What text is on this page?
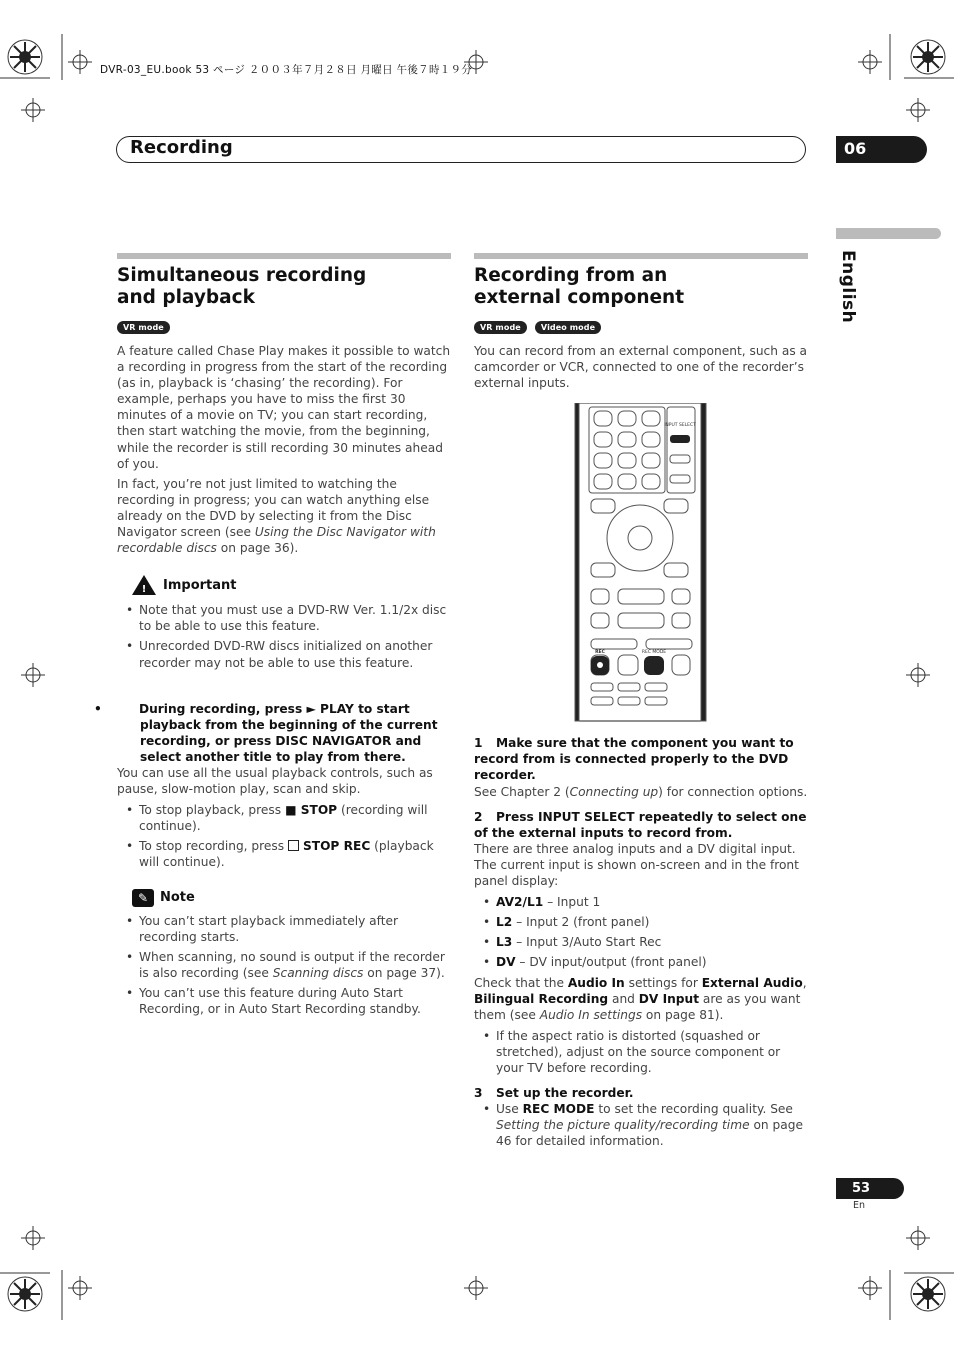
DVR-03_EU.book 53 ページ ２００３年７月２８日 月曜日 午後７時１９分
Recording	06
English
Simultaneous recording and playback
VR mode

A feature called Chase Play makes it possible to watch a recording in progress from the start of the recording (as in, playback is ‘chasing’ the recording). For example, perhaps you have to miss the first 30 minutes of a movie on TV; you can start recording, then start watching the movie, from the beginning, while the recorder is still recording 30 minutes ahead of you.

In fact, you’re not just limited to watching the recording in progress; you can watch anything else already on the DVD by selecting it from the Disc Navigator screen (see Using the Disc Navigator with recordable discs on page 36).

! Important
• Note that you must use a DVD-RW Ver. 1.1/2x disc to be able to use this feature.
• Unrecorded DVD-RW discs initialized on another recorder may not be able to use this feature.
•	During recording, press ► PLAY to start playback from the beginning of the current recording, or press DISC NAVIGATOR and select another title to play from there.

You can use all the usual playback controls, such as pause, slow-motion play, scan and skip.

• To stop playback, press ■ STOP (recording will continue).
• To stop recording, press STOP REC (playback will continue).
✎ Note
• You can’t start playback immediately after recording starts.
• When scanning, no sound is output if the recorder is also recording (see Scanning discs on page 37).
• You can’t use this feature during Auto Start Recording, or in Auto Start Recording standby.
Recording from an external component
VR mode	Video mode

You can record from an external component, such as a camcorder or VCR, connected to one of the recorder’s external inputs.

INPUT SELECT
REC	REC MODE
1 Make sure that the component you want to record from is connected properly to the DVD recorder.

See Chapter 2 (Connecting up) for connection options.

2 Press INPUT SELECT repeatedly to select one of the external inputs to record from.

There are three analog inputs and a DV digital input. The current input is shown on-screen and in the front panel display:

• AV2/L1 – Input 1
• L2 – Input 2 (front panel)
• L3 – Input 3/Auto Start Rec
• DV – DV input/output (front panel)

Check that the Audio In settings for External Audio, Bilingual Recording and DV Input are as you want them (see Audio In settings on page 81).

• If the aspect ratio is distorted (squashed or stretched), adjust on the source component or your TV before recording.
3 Set up the recorder.
• Use REC MODE to set the recording quality. See Setting the picture quality/recording time on page 46 for detailed information.
53
En
